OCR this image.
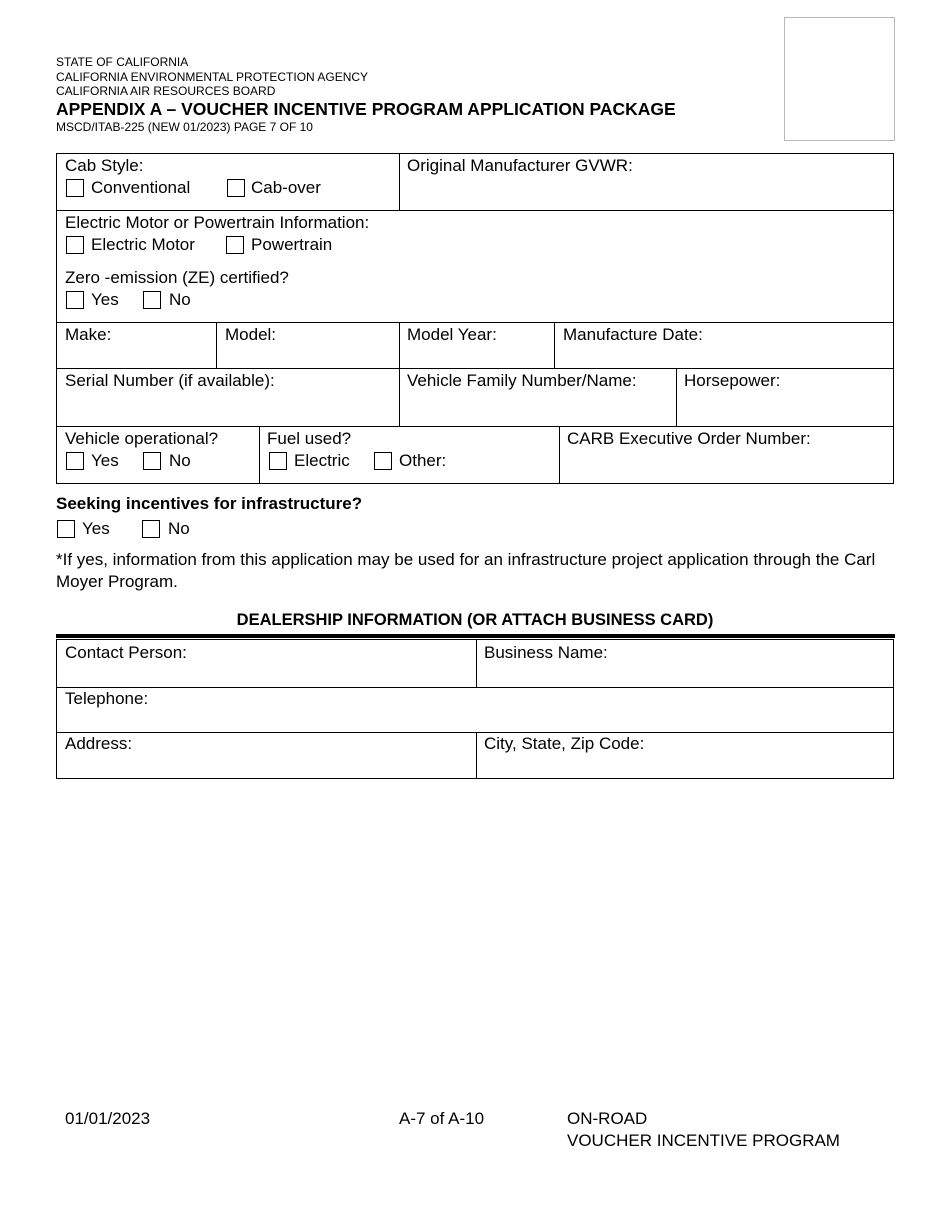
STATE OF CALIFORNIA
CALIFORNIA ENVIRONMENTAL PROTECTION AGENCY
CALIFORNIA AIR RESOURCES BOARD
APPENDIX A – VOUCHER INCENTIVE PROGRAM APPLICATION PACKAGE
MSCD/ITAB-225 (NEW 01/2023) PAGE 7 OF 10
Cab Style:
Conventional	Cab-over
Original Manufacturer GVWR:
Electric Motor or Powertrain Information:
Electric Motor	Powertrain
Zero -emission (ZE) certified?
Yes	No
Make:	Model:	Model Year:	Manufacture Date:
Serial Number (if available):	Vehicle Family Number/Name:	Horsepower:
Vehicle operational?
Yes	No
Fuel used?
Electric	Other:
CARB Executive Order Number:
Seeking incentives for infrastructure?
Yes	No
*If yes, information from this application may be used for an infrastructure project application through the Carl Moyer Program.
DEALERSHIP INFORMATION (OR ATTACH BUSINESS CARD)
Contact Person:	Business Name:
Telephone:
Address:	City, State, Zip Code:
01/01/2023	A-7 of A-10	ON-ROAD
VOUCHER INCENTIVE PROGRAM
